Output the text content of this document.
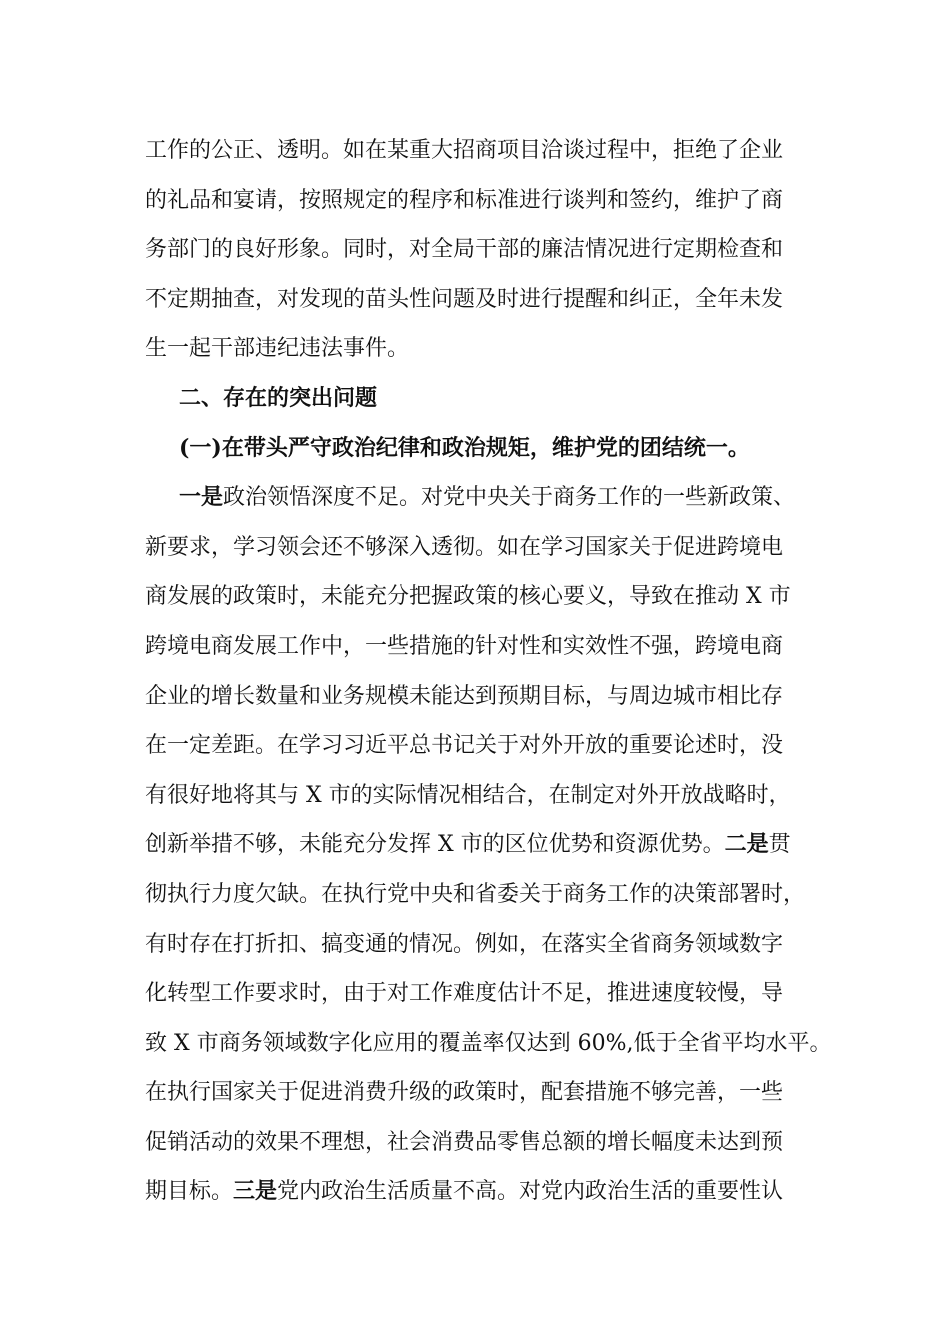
工作的公正、透明。如在某重大招商项目洽谈过程中，拒绝了企业
的礼品和宴请，按照规定的程序和标准进行谈判和签约，维护了商
务部门的良好形象。同时，对全局干部的廉洁情况进行定期检查和
不定期抽查，对发现的苗头性问题及时进行提醒和纠正，全年未发
生一起干部违纪违法事件。
二、存在的突出问题
(一)在带头严守政治纪律和政治规矩，维护党的团结统一。
一是政治领悟深度不足。对党中央关于商务工作的一些新政策、
新要求，学习领会还不够深入透彻。如在学习国家关于促进跨境电
商发展的政策时，未能充分把握政策的核心要义，导致在推动 X 市
跨境电商发展工作中，一些措施的针对性和实效性不强，跨境电商
企业的增长数量和业务规模未能达到预期目标，与周边城市相比存
在一定差距。在学习习近平总书记关于对外开放的重要论述时，没
有很好地将其与 X 市的实际情况相结合，在制定对外开放战略时，
创新举措不够，未能充分发挥 X 市的区位优势和资源优势。二是贯
彻执行力度欠缺。在执行党中央和省委关于商务工作的决策部署时，
有时存在打折扣、搞变通的情况。例如，在落实全省商务领域数字
化转型工作要求时，由于对工作难度估计不足，推进速度较慢，导
致 X 市商务领域数字化应用的覆盖率仅达到 60%,低于全省平均水平。
在执行国家关于促进消费升级的政策时，配套措施不够完善，一些
促销活动的效果不理想，社会消费品零售总额的增长幅度未达到预
期目标。三是党内政治生活质量不高。对党内政治生活的重要性认
